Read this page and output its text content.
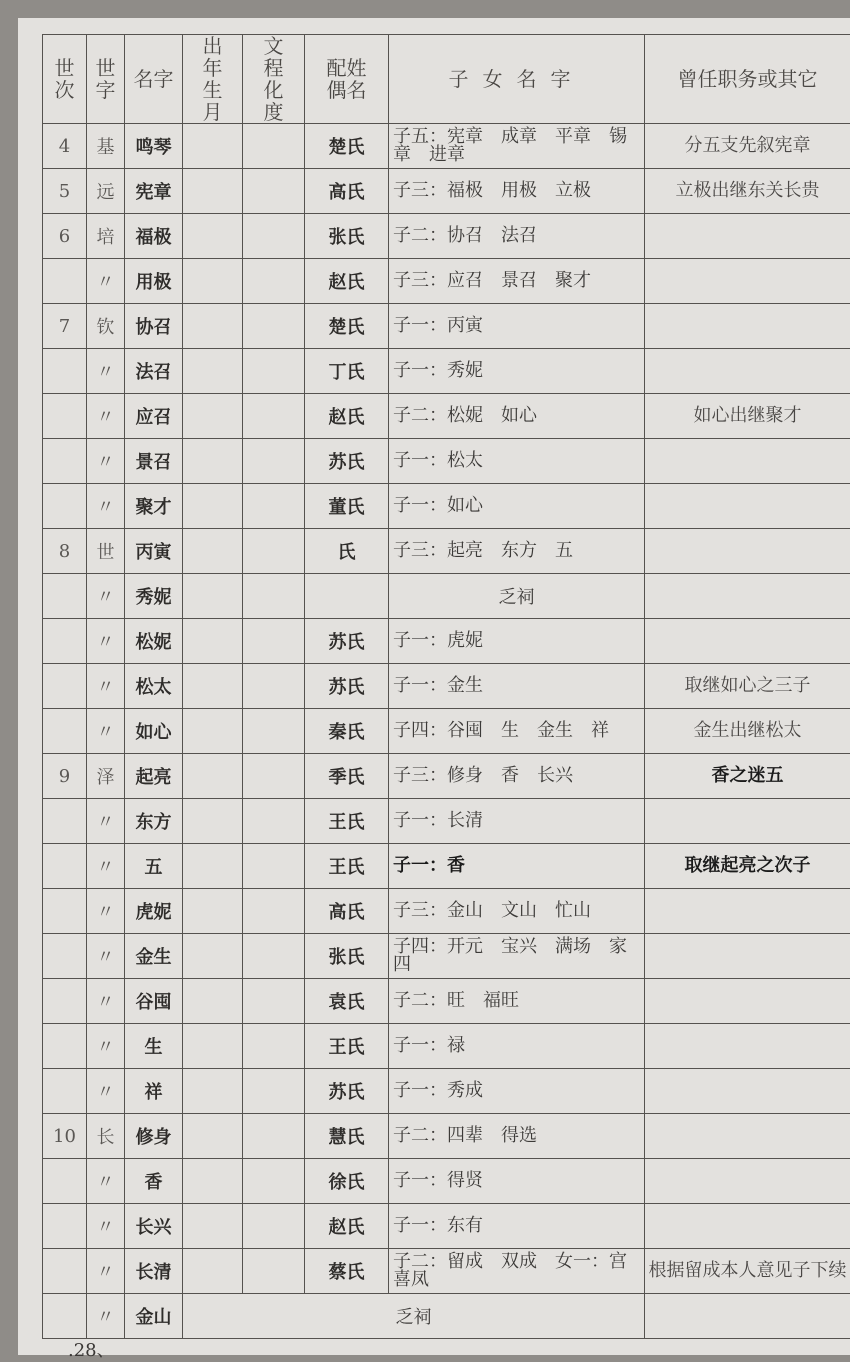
世次	世字	名字	出年生月	文程化度	配姓偶名	子女名字	曾任职务或其它
4	基	鸣琴			楚氏	子五：宪章　成章　平章　锡章　进章	分五支先叙宪章
5	远	宪章			高氏	子三：福极　用极　立极	立极出继东关长贵
6	培	福极			张氏	子二：协召　法召	
	〃	用极			赵氏	子三：应召　景召　聚才	
7	钦	协召			楚氏	子一：丙寅	
	〃	法召			丁氏	子一：秀妮	
	〃	应召			赵氏	子二：松妮　如心	如心出继聚才
	〃	景召			苏氏	子一：松太	
	〃	聚才			董氏	子一：如心	
8	世	丙寅			氏	子三：起亮　东方　五	
	〃	秀妮				乏祠	
	〃	松妮			苏氏	子一：虎妮	
	〃	松太			苏氏	子一：金生	取继如心之三子
	〃	如心			秦氏	子四：谷囤　生　金生　祥	金生出继松太
9	泽	起亮			季氏	子三：修身　香　长兴	香之迷五
	〃	东方			王氏	子一：长清	
	〃	五			王氏	子一：香	取继起亮之次子
	〃	虎妮			高氏	子三：金山　文山　忙山	
	〃	金生			张氏	子四：开元　宝兴　满场　家四	
	〃	谷囤			袁氏	子二：旺　福旺	
	〃	生			王氏	子一：禄	
	〃	祥			苏氏	子一：秀成	
10	长	修身			慧氏	子二：四辈　得选	
	〃	香			徐氏	子一：得贤	
	〃	长兴			赵氏	子一：东有	
	〃	长清			蔡氏	子二：留成　双成　女一：宫喜凤	根据留成本人意见子下续
	〃	金山	乏祠				
.28、
